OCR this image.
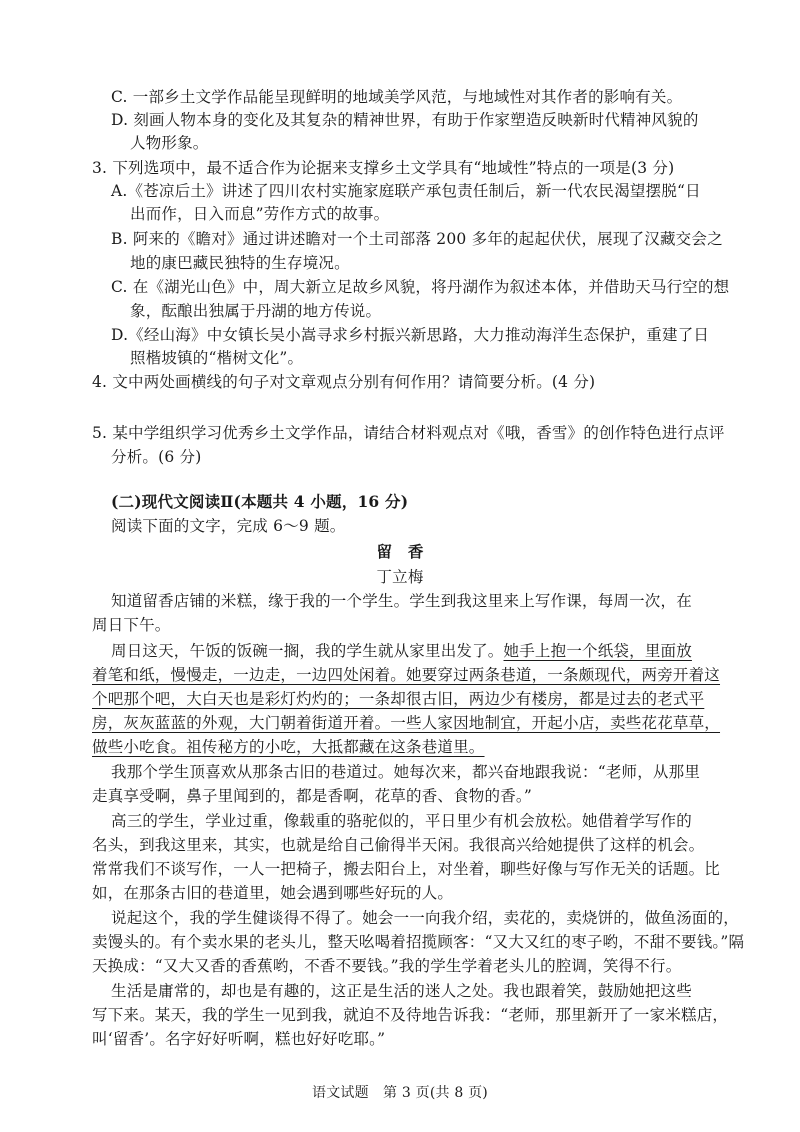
C. 一部乡土文学作品能呈现鲜明的地域美学风范，与地域性对其作者的影响有关。
D. 刻画人物本身的变化及其复杂的精神世界，有助于作家塑造反映新时代精神风貌的
人物形象。
3. 下列选项中，最不适合作为论据来支撑乡土文学具有“地域性”特点的一项是(3 分)
A.《苍凉后土》讲述了四川农村实施家庭联产承包责任制后，新一代农民渴望摆脱“日
出而作，日入而息”劳作方式的故事。
B. 阿来的《瞻对》通过讲述瞻对一个土司部落 200 多年的起起伏伏，展现了汉藏交会之
地的康巴藏民独特的生存境况。
C. 在《湖光山色》中，周大新立足故乡风貌，将丹湖作为叙述本体，并借助天马行空的想
象，酝酿出独属于丹湖的地方传说。
D.《经山海》中女镇长吴小嵩寻求乡村振兴新思路，大力推动海洋生态保护，重建了日
照楷坡镇的“楷树文化”。
4. 文中两处画横线的句子对文章观点分别有何作用？请简要分析。(4 分)
5. 某中学组织学习优秀乡土文学作品，请结合材料观点对《哦，香雪》的创作特色进行点评
分析。(6 分)
(二)现代文阅读Ⅱ(本题共 4 小题，16 分)
阅读下面的文字，完成 6～9 题。
留　香
丁立梅
知道留香店铺的米糕，缘于我的一个学生。学生到我这里来上写作课，每周一次，在
周日下午。
周日这天，午饭的饭碗一搁，我的学生就从家里出发了。她手上抱一个纸袋，里面放
着笔和纸，慢慢走，一边走，一边四处闲着。她要穿过两条巷道，一条颇现代，两旁开着这
个吧那个吧，大白天也是彩灯灼灼的；一条却很古旧，两边少有楼房，都是过去的老式平
房，灰灰蓝蓝的外观，大门朝着街道开着。一些人家因地制宜，开起小店，卖些花花草草，
做些小吃食。祖传秘方的小吃，大抵都藏在这条巷道里。
我那个学生顶喜欢从那条古旧的巷道过。她每次来，都兴奋地跟我说：“老师，从那里
走真享受啊，鼻子里闻到的，都是香啊，花草的香、食物的香。”
高三的学生，学业过重，像载重的骆驼似的，平日里少有机会放松。她借着学写作的
名头，到我这里来，其实，也就是给自己偷得半天闲。我很高兴给她提供了这样的机会。
常常我们不谈写作，一人一把椅子，搬去阳台上，对坐着，聊些好像与写作无关的话题。比
如，在那条古旧的巷道里，她会遇到哪些好玩的人。
说起这个，我的学生健谈得不得了。她会一一向我介绍，卖花的，卖烧饼的，做鱼汤面的，
卖馒头的。有个卖水果的老头儿，整天吆喝着招揽顾客：“又大又红的枣子哟，不甜不要钱。”隔
天换成：“又大又香的香蕉哟，不香不要钱。”我的学生学着老头儿的腔调，笑得不行。
生活是庸常的，却也是有趣的，这正是生活的迷人之处。我也跟着笑，鼓励她把这些
写下来。某天，我的学生一见到我，就迫不及待地告诉我：“老师，那里新开了一家米糕店，
叫‘留香’。名字好好听啊，糕也好好吃耶。”
语文试题　第 3 页(共 8 页)
